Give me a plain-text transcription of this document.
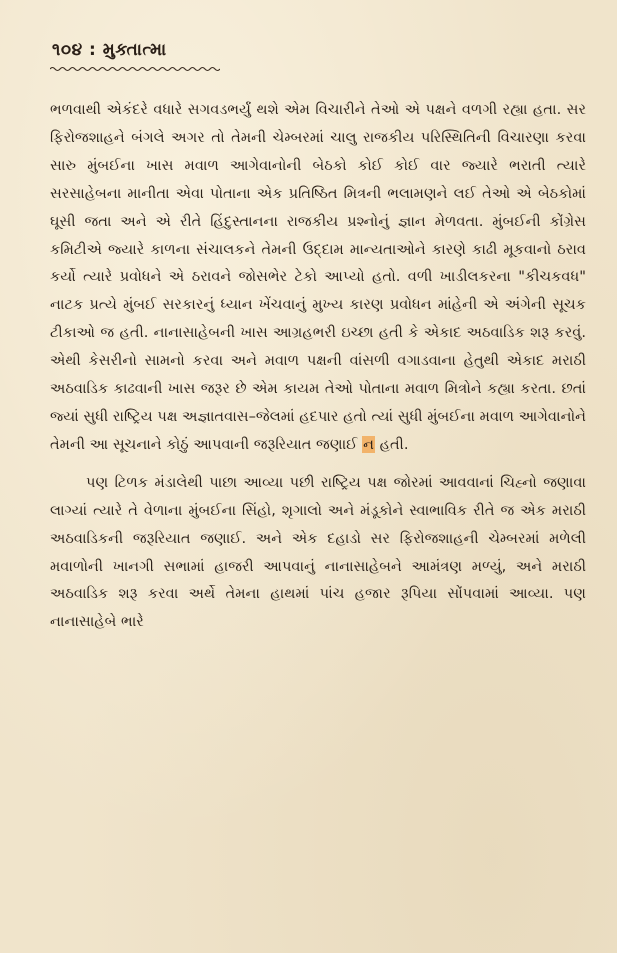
૧૦૪ : મુક્તાત્મા

ભળવાથી એકંદરે વધારે સગવડભર્યું થશે એમ વિચારીને તેઓ એ પક્ષને વળગી રહ્યા હતા. સર ફિરોજશાહને બંગલે અગર તો તેમની ચેમ્બરમાં ચાલુ રાજકીય પરિસ્થિતિની વિચારણા કરવા સારુ મુંબઈના ખાસ મવાળ આગેવાનોની બેઠકો કોઈ કોઈ વાર જ્યારે ભરાતી ત્યારે સરસાહેબના માનીતા એવા પોતાના એક પ્રતિષ્ઠિત મિત્રની ભલામણને લઈ તેઓ એ બેઠકોમાં ઘૂસી જતા અને એ રીતે હિંદુસ્તાનના રાજકીય પ્રશ્નોનું જ્ઞાન મેળવતા. મુંબઈની કોંગ્રેસ કમિટીએ જ્યારે કાળના સંચાલકને તેમની ઉદ્દામ માન્યતાઓને કારણે કાઢી મૂકવાનો ઠરાવ કર્યો ત્યારે પ્રવોધને એ ઠરાવને જોસભેર ટેકો આપ્યો હતો. વળી ખાડીલકરના "કીચકવધ" નાટક પ્રત્યે મુંબઈ સરકારનું ધ્યાન ખેંચવાનું મુખ્ય કારણ પ્રવોધન માંહેની એ અંગેની સૂચક ટીકાઓ જ હતી. નાનાસાહેબની ખાસ આગ્રહભરી ઇચ્છા હતી કે એકાદ અઠવાડિક શરૂ કરવું. એથી કેસરીનો સામનો કરવા અને મવાળ પક્ષની વાંસળી વગાડવાના હેતુથી એકાદ મરાઠી અઠવાડિક કાઢવાની ખાસ જરૂર છે એમ કાયમ તેઓ પોતાના મવાળ મિત્રોને કહ્યા કરતા. છતાં જ્યાં સુધી રાષ્ટ્રિય પક્ષ અજ્ઞાતવાસ–જેલમાં હદપાર હતો ત્યાં સુધી મુંબઈના મવાળ આગેવાનોને તેમની આ સૂચનાને કોઠું આપવાની જરૂરિયાત જણાઈ ન હતી.

પણ ટિળક મંડાલેથી પાછા આવ્યા પછી રાષ્ટ્રિય પક્ષ જોરમાં આવવાનાં ચિહ્નો જણાવા લાગ્યાં ત્યારે તે વેળાના મુંબઈના સિંહો, શૃગાલો અને મંડૂકોને સ્વાભાવિક રીતે જ એક મરાઠી અઠવાડિકની જરૂરિયાત જણાઈ. અને એક દહાડો સર ફિરોજશાહની ચેમ્બરમાં મળેલી મવાળોની ખાનગી સભામાં હાજરી આપવાનું નાનાસાહેબને આમંત્રણ મળ્યું, અને મરાઠી અઠવાડિક શરૂ કરવા અર્થે તેમના હાથમાં પાંચ હજાર રૂપિયા સોંપવામાં આવ્યા. પણ નાનાસાહેબે ભારે
